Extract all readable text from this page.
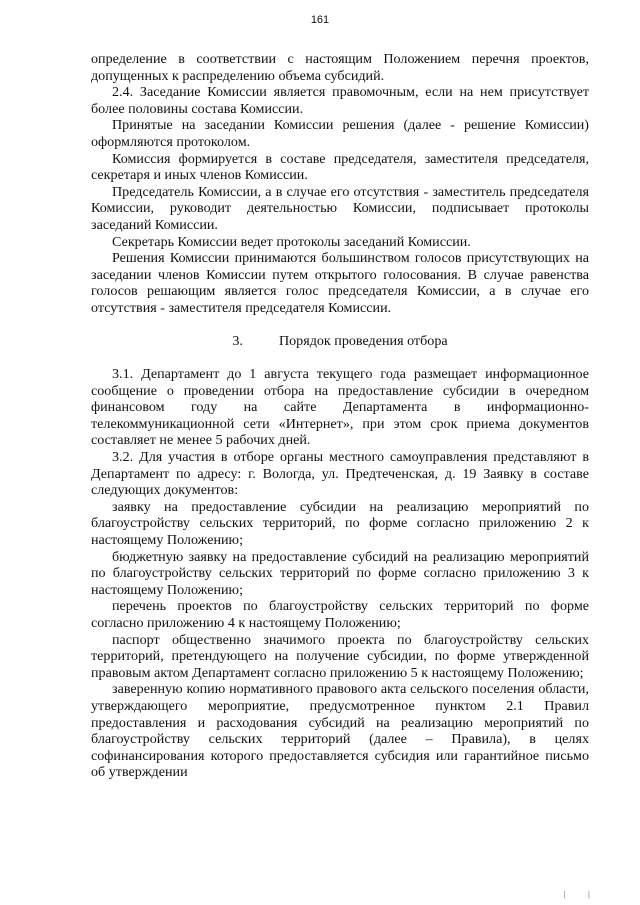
161

определение в соответствии с настоящим Положением перечня проектов, допущенных к распределению объема субсидий.

2.4. Заседание Комиссии является правомочным, если на нем присутствует более половины состава Комиссии.

Принятые на заседании Комиссии решения (далее - решение Комиссии) оформляются протоколом.

Комиссия формируется в составе председателя, заместителя председателя, секретаря и иных членов Комиссии.

Председатель Комиссии, а в случае его отсутствия - заместитель председателя Комиссии, руководит деятельностью Комиссии, подписывает протоколы заседаний Комиссии.

Секретарь Комиссии ведет протоколы заседаний Комиссии.

Решения Комиссии принимаются большинством голосов присутствующих на заседании членов Комиссии путем открытого голосования. В случае равенства голосов решающим является голос председателя Комиссии, а в случае его отсутствия - заместителя председателя Комиссии.

3.	Порядок проведения отбора

3.1. Департамент до 1 августа текущего года размещает информационное сообщение о проведении отбора на предоставление субсидии в очередном финансовом году на сайте Департамента в информационно-телекоммуникационной сети «Интернет», при этом срок приема документов составляет не менее 5 рабочих дней.

3.2. Для участия в отборе органы местного самоуправления представляют в Департамент по адресу: г. Вологда, ул. Предтеченская, д. 19 Заявку в составе следующих документов:

заявку на предоставление субсидии на реализацию мероприятий по благоустройству сельских территорий, по форме согласно приложению 2 к настоящему Положению;

бюджетную заявку на предоставление субсидий на реализацию мероприятий по благоустройству сельских территорий по форме согласно приложению 3 к настоящему Положению;

перечень проектов по благоустройству сельских территорий по форме согласно приложению 4 к настоящему Положению;

паспорт общественно значимого проекта по благоустройству сельских территорий, претендующего на получение субсидии, по форме утвержденной правовым актом Департамент согласно приложению 5 к настоящему Положению;

заверенную копию нормативного правового акта сельского поселения области, утверждающего мероприятие, предусмотренное пунктом 2.1 Правил предоставления и расходования субсидий на реализацию мероприятий по благоустройству сельских территорий (далее – Правила), в целях софинансирования которого предоставляется субсидия или гарантийное письмо об утверждении

| |
